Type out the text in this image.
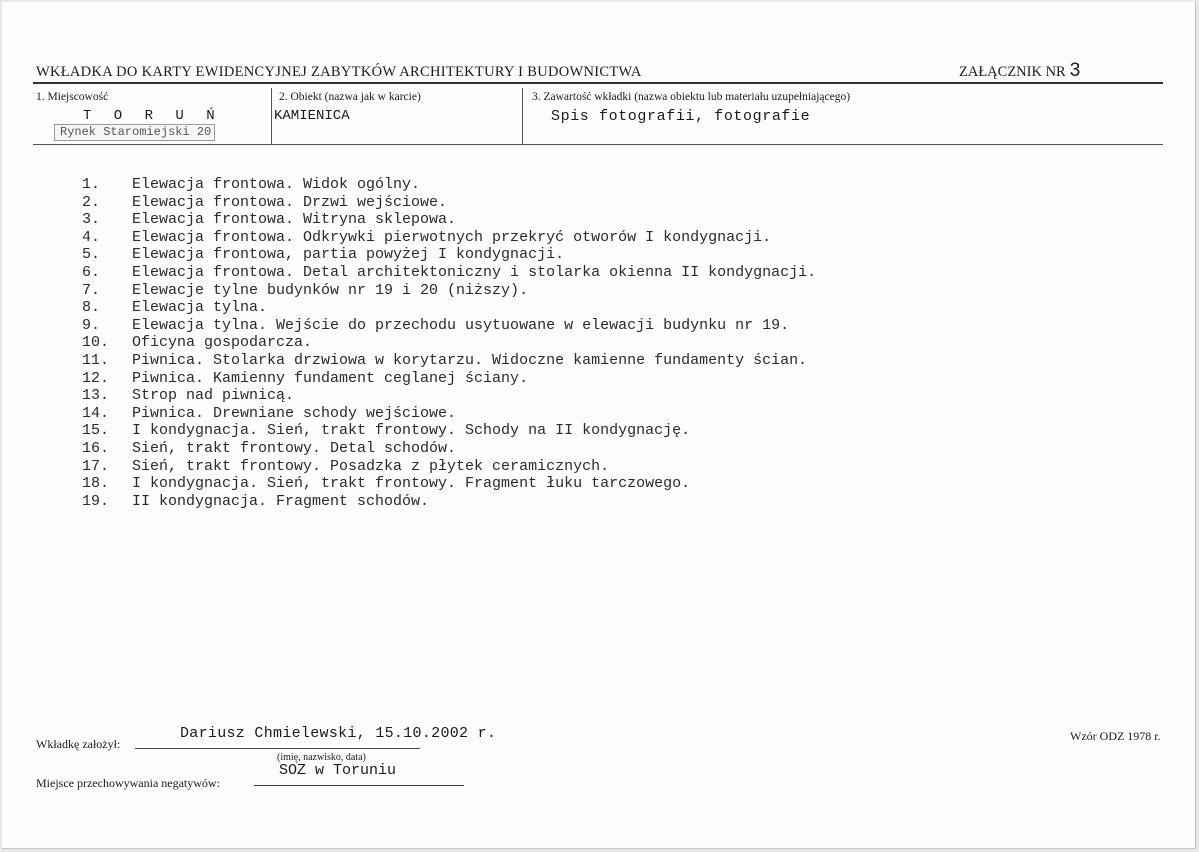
WKŁADKA DO KARTY EWIDENCYJNEJ ZABYTKÓW ARCHITEKTURY I BUDOWNICTWA	ZAŁĄCZNIK NR 3
1. Miejscowość
T O R U Ń
Rynek Staromiejski 20
2. Obiekt (nazwa jak w karcie)
KAMIENICA
3. Zawartość wkładki (nazwa obiektu lub materiału uzupełniającego)
Spis fotografii, fotografie
1. Elewacja frontowa. Widok ogólny.
2. Elewacja frontowa. Drzwi wejściowe.
3. Elewacja frontowa. Witryna sklepowa.
4. Elewacja frontowa. Odkrywki pierwotnych przekryć otworów I kondygnacji.
5. Elewacja frontowa, partia powyżej I kondygnacji.
6. Elewacja frontowa. Detal architektoniczny i stolarka okienna II kondygnacji.
7. Elewacje tylne budynków nr 19 i 20 (niższy).
8. Elewacja tylna.
9. Elewacja tylna. Wejście do przechodu usytuowane w elewacji budynku nr 19.
10. Oficyna gospodarcza.
11. Piwnica. Stolarka drzwiowa w korytarzu. Widoczne kamienne fundamenty ścian.
12. Piwnica. Kamienny fundament ceglanej ściany.
13. Strop nad piwnicą.
14. Piwnica. Drewniane schody wejściowe.
15. I kondygnacja. Sień, trakt frontowy. Schody na II kondygnację.
16. Sień, trakt frontowy. Detal schodów.
17. Sień, trakt frontowy. Posadzka z płytek ceramicznych.
18. I kondygnacja. Sień, trakt frontowy. Fragment łuku tarczowego.
19. II kondygnacja. Fragment schodów.
Wkładkę założył:
Dariusz Chmielewski, 15.10.2002 r.
(imię, nazwisko, data)
Miejsce przechowywania negatywów:
SOZ w Toruniu
Wzór ODZ 1978 r.
